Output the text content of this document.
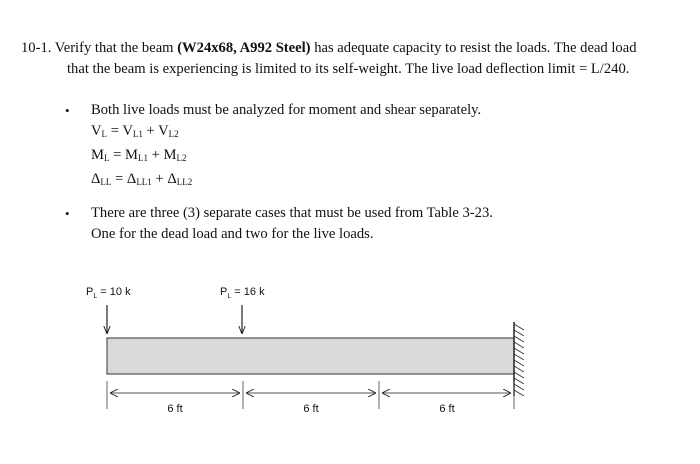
10-1. Verify that the beam (W24x68, A992 Steel) has adequate capacity to resist the loads. The dead load
that the beam is experiencing is limited to its self-weight. The live load deflection limit = L/240.
• Both live loads must be analyzed for moment and shear separately.
$V_L = V_{L1} + V_{L2}$
$M_L = M_{L1} + M_{L2}$
$\Delta_{LL} = \Delta_{LL1} + \Delta_{LL2}$
• There are three (3) separate cases that must be used from Table 3-23.
One for the dead load and two for the live loads.
$P_L = 10$ k	$P_L = 16$ k
6 ft	6 ft	6 ft
